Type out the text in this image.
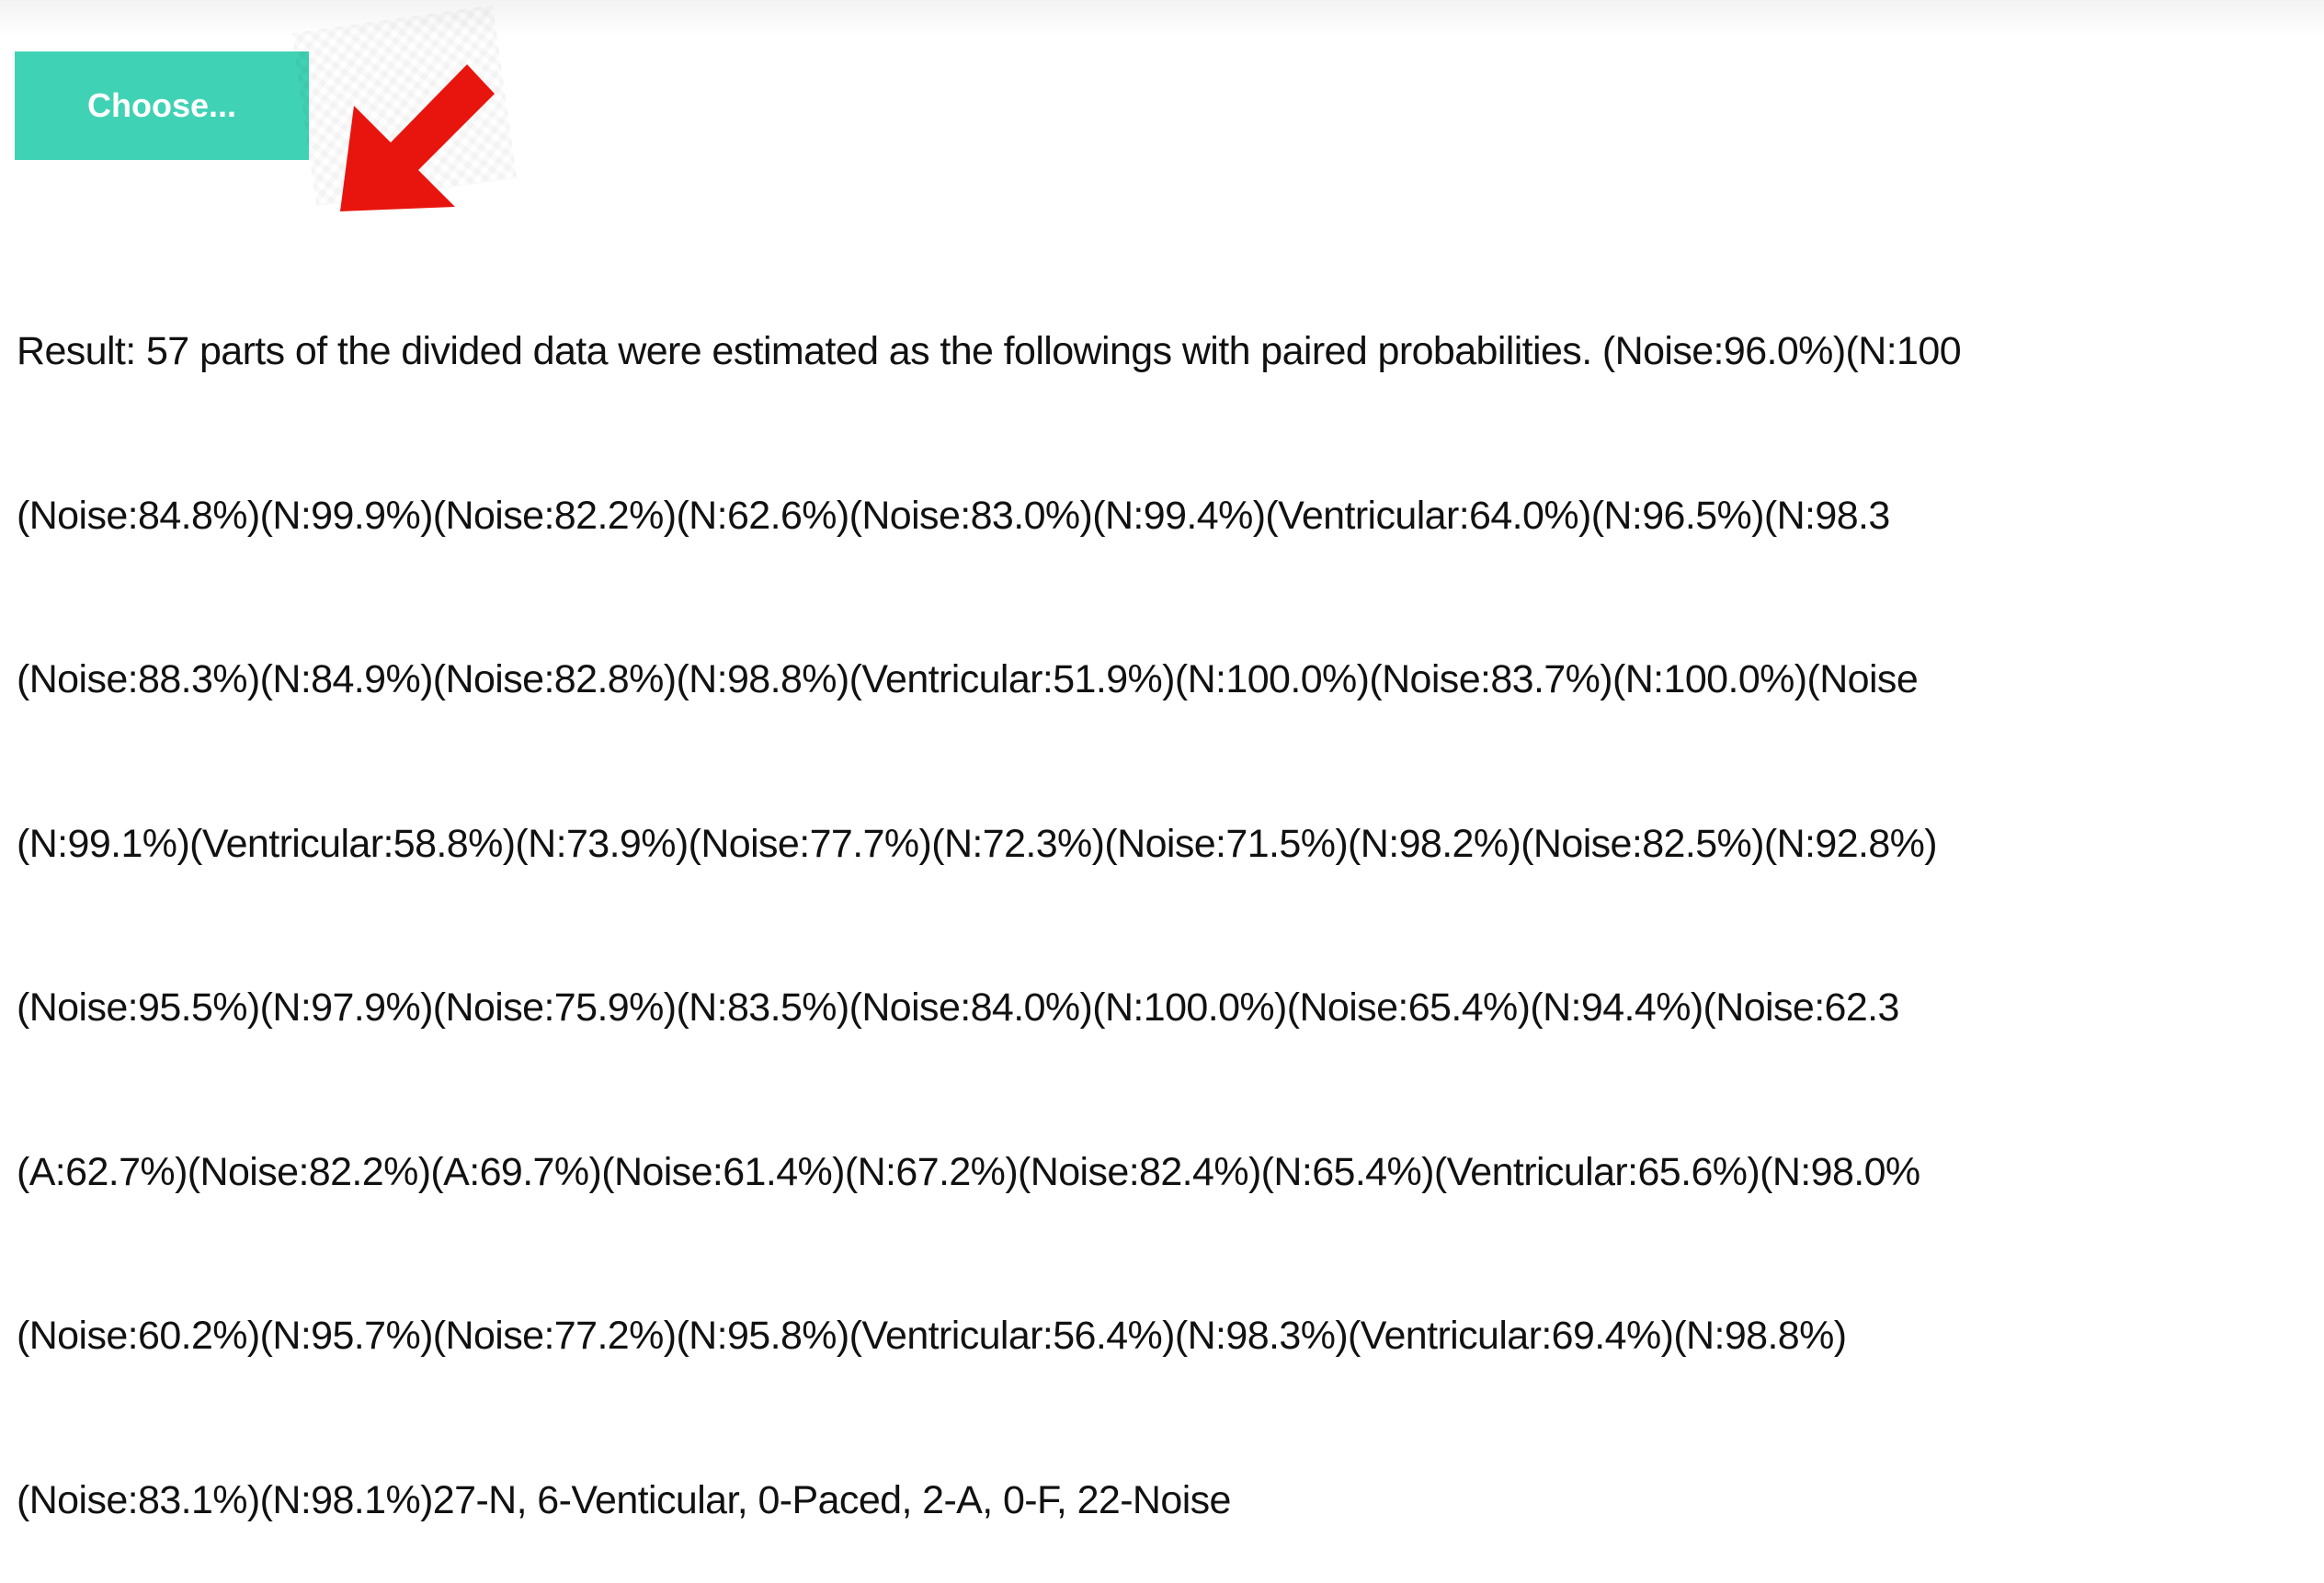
Choose...

Result: 57 parts of the divided data were estimated as the followings with paired probabilities. (Noise:96.0%)(N:100

(Noise:84.8%)(N:99.9%)(Noise:82.2%)(N:62.6%)(Noise:83.0%)(N:99.4%)(Ventricular:64.0%)(N:96.5%)(N:98.3

(Noise:88.3%)(N:84.9%)(Noise:82.8%)(N:98.8%)(Ventricular:51.9%)(N:100.0%)(Noise:83.7%)(N:100.0%)(Noise

(N:99.1%)(Ventricular:58.8%)(N:73.9%)(Noise:77.7%)(N:72.3%)(Noise:71.5%)(N:98.2%)(Noise:82.5%)(N:92.8%)

(Noise:95.5%)(N:97.9%)(Noise:75.9%)(N:83.5%)(Noise:84.0%)(N:100.0%)(Noise:65.4%)(N:94.4%)(Noise:62.3

(A:62.7%)(Noise:82.2%)(A:69.7%)(Noise:61.4%)(N:67.2%)(Noise:82.4%)(N:65.4%)(Ventricular:65.6%)(N:98.0%

(Noise:60.2%)(N:95.7%)(Noise:77.2%)(N:95.8%)(Ventricular:56.4%)(N:98.3%)(Ventricular:69.4%)(N:98.8%)

(Noise:83.1%)(N:98.1%)27-N, 6-Venticular, 0-Paced, 2-A, 0-F, 22-Noise
